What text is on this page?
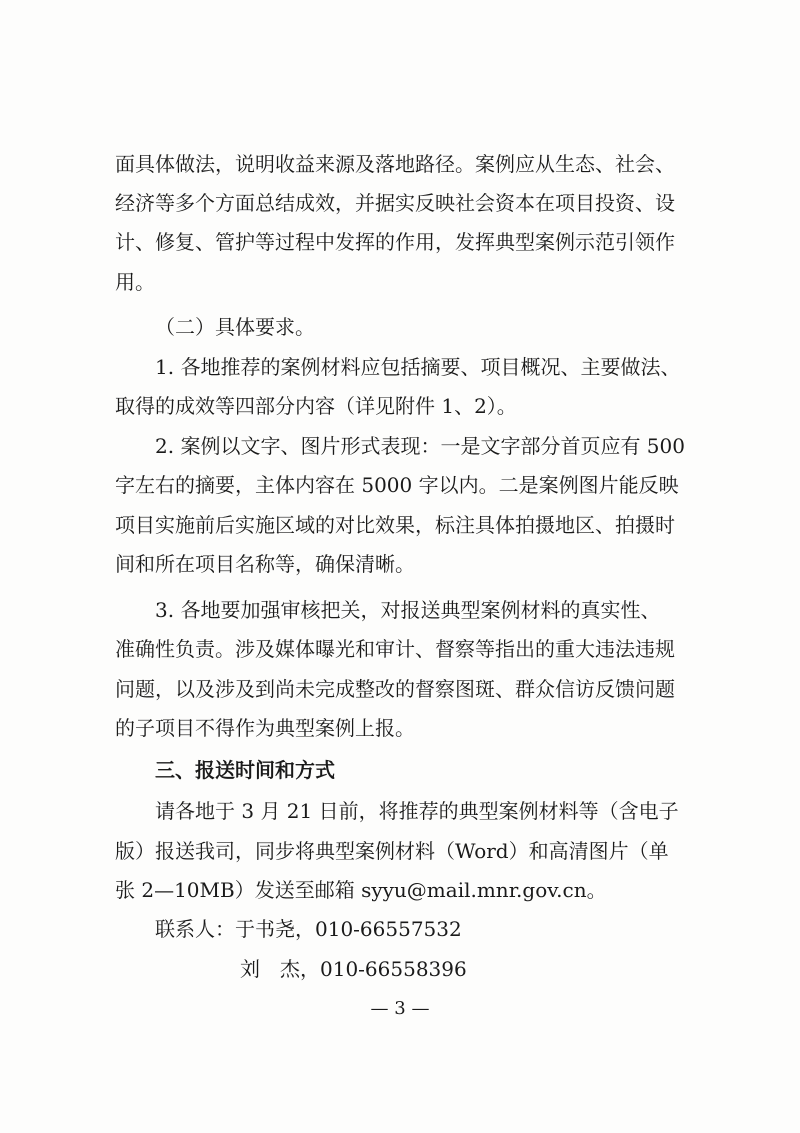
面具体做法，说明收益来源及落地路径。案例应从生态、社会、
经济等多个方面总结成效，并据实反映社会资本在项目投资、设
计、修复、管护等过程中发挥的作用，发挥典型案例示范引领作
用。
（二）具体要求。
1. 各地推荐的案例材料应包括摘要、项目概况、主要做法、
取得的成效等四部分内容（详见附件 1、2）。
2. 案例以文字、图片形式表现：一是文字部分首页应有 500
字左右的摘要，主体内容在 5000 字以内。二是案例图片能反映
项目实施前后实施区域的对比效果，标注具体拍摄地区、拍摄时
间和所在项目名称等，确保清晰。
3. 各地要加强审核把关，对报送典型案例材料的真实性、
准确性负责。涉及媒体曝光和审计、督察等指出的重大违法违规
问题，以及涉及到尚未完成整改的督察图斑、群众信访反馈问题
的子项目不得作为典型案例上报。
三、报送时间和方式
请各地于 3 月 21 日前，将推荐的典型案例材料等（含电子
版）报送我司，同步将典型案例材料（Word）和高清图片（单
张 2—10MB）发送至邮箱 syyu@mail.mnr.gov.cn。
联系人：于书尧，010-66557532
刘　杰，010-66558396
— 3 —
